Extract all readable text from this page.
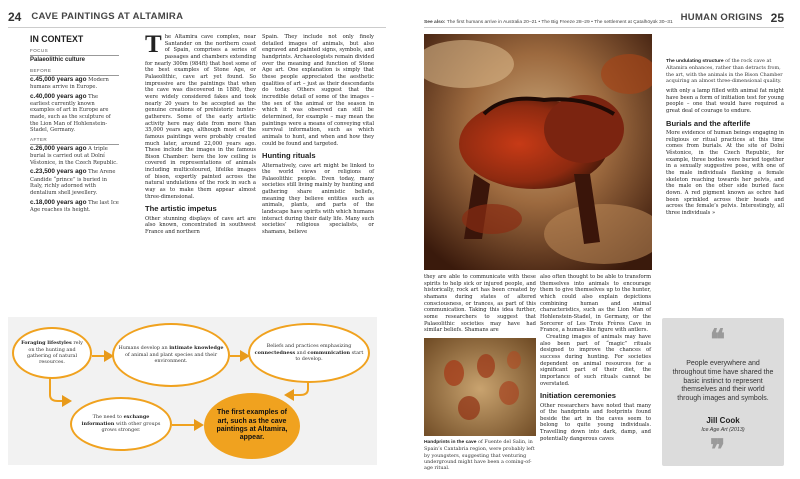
24 CAVE PAINTINGS AT ALTAMIRA	See also: The first humans arrive in Australia 20–21 • The Big Freeze 28–29 • The settlement at Çatalhöyük 30–31 HUMAN ORIGINS 25
IN CONTEXT
FOCUS
Palaeolithic culture
BEFORE
c.45,000 years ago Modern humans arrive in Europe.
c.40,000 years ago The earliest currently known examples of art in Europe are made, such as the sculpture of the Lion Man of Hohlenstein-Stadel, Germany.
AFTER
c.26,000 years ago A triple burial is carried out at Dolní Věstonice, in the Czech Republic.
c.23,500 years ago The Arene Candide “prince” is buried in Italy, richly adorned with dentalium shell jewellery.
c.18,000 years ago The last Ice Age reaches its height.

The Altamira cave complex, near Santander on the northern coast of Spain, comprises a series of passages and chambers extending for nearly 300m (984ft) that host some of the best examples of Stone Age, or Palaeolithic, cave art yet found. So impressive are the paintings that when the cave was discovered in 1880, they were widely considered fakes and took nearly 20 years to be accepted as the genuine creations of prehistoric hunter-gatherers. Some of the early artistic activity here may date from more than 35,000 years ago, although most of the famous paintings were probably created much later, around 22,000 years ago. These include the images in the famous Bison Chamber: here the low ceiling is covered in representations of animals including multicoloured, lifelike images of bison, expertly painted across the natural undulations of the rock in such a way as to make them appear almost three-dimensional.

The artistic impetus

Other stunning displays of cave art are also known, concentrated in southwest France and northern

Spain. They include not only finely detailed images of animals, but also engraved and painted signs, symbols, and handprints. Archaeologists remain divided over the meaning and function of Stone Age art. One explanation is simply that these people appreciated the aesthetic qualities of art – just as their descendants do today. Others suggest that the incredible detail of some of the images – the sex of the animal or the season in which it was observed can still be determined, for example – may mean the paintings were a means of conveying vital survival information, such as which animals to hunt, and when and how they could be found and targeted.

Hunting rituals

Alternatively, cave art might be linked to the world views or religions of Palaeolithic people. Even today, many societies still living mainly by hunting and gathering share animistic beliefs, meaning they believe entities such as animals, plants, and parts of the landscape have spirits with which humans interact during their daily life. Many such societies’ religious specialists, or shamans, believe

Foraging lifestyles rely on the hunting and gathering of natural resources.
Humans develop an intimate knowledge of animal and plant species and their environment.
Beliefs and practices emphasizing connectedness and communication start to develop.
The need to exchange information with other groups grows stronger.
The first examples of art, such as the cave paintings at Altamira, appear.
Handprints in the cave of Fuente del Salin, in Spain’s Cantabria region, were probably left by youngsters, suggesting that venturing underground might have been a coming-of-age ritual.

also often thought to be able to transform themselves into animals to encourage them to give themselves up to the hunter, which could also explain depictions combining human and animal characteristics, such as the Lion Man of Hohlenstein-Stadel, in Germany, or the Sorcerer of Les Trois Frères Cave in France, a human-like figure with antlers.

Creating images of animals may have also been part of “magic” rituals designed to improve the chances of success during hunting. For societies dependent on animal resources for a significant part of their diet, the importance of such rituals cannot be overstated.

Initiation ceremonies

Other researchers have noted that many of the handprints and footprints found beside the art in the caves seem to belong to quite young individuals. Travelling down into dark, damp, and potentially dangerous caves

The undulating structure of the rock cave at Altamira enhances, rather than detracts from, the art, with the animals in the Bison Chamber acquiring an almost three-dimensional quality.

with only a lamp filled with animal fat might have been a form of initiation test for young people – one that would have required a great deal of courage to endure.

Burials and the afterlife

More evidence of human beings engaging in religious or ritual practices at this time comes from burials. At the site of Dolní Věstonice, in the Czech Republic, for example, three bodies were buried together in a sexually suggestive pose, with one of the male individuals flanking a female skeleton reaching towards her pelvis, and the male on the other side buried face down. A red pigment known as ochre had been sprinkled across their heads and across the female’s pelvis. Interestingly, all three individuals »

❝
People everywhere and throughout time have shared the basic instinct to represent themselves and their world through images and symbols.
Jill Cook
Ice Age Art (2013)
❞

they are able to communicate with these spirits to help sick or injured people, and historically, rock art has been created by shamans during states of altered consciousness, or trances, as part of this communication. Taking this idea further, some researchers to suggest that Palaeolithic societies may have had similar beliefs. Shamans are
